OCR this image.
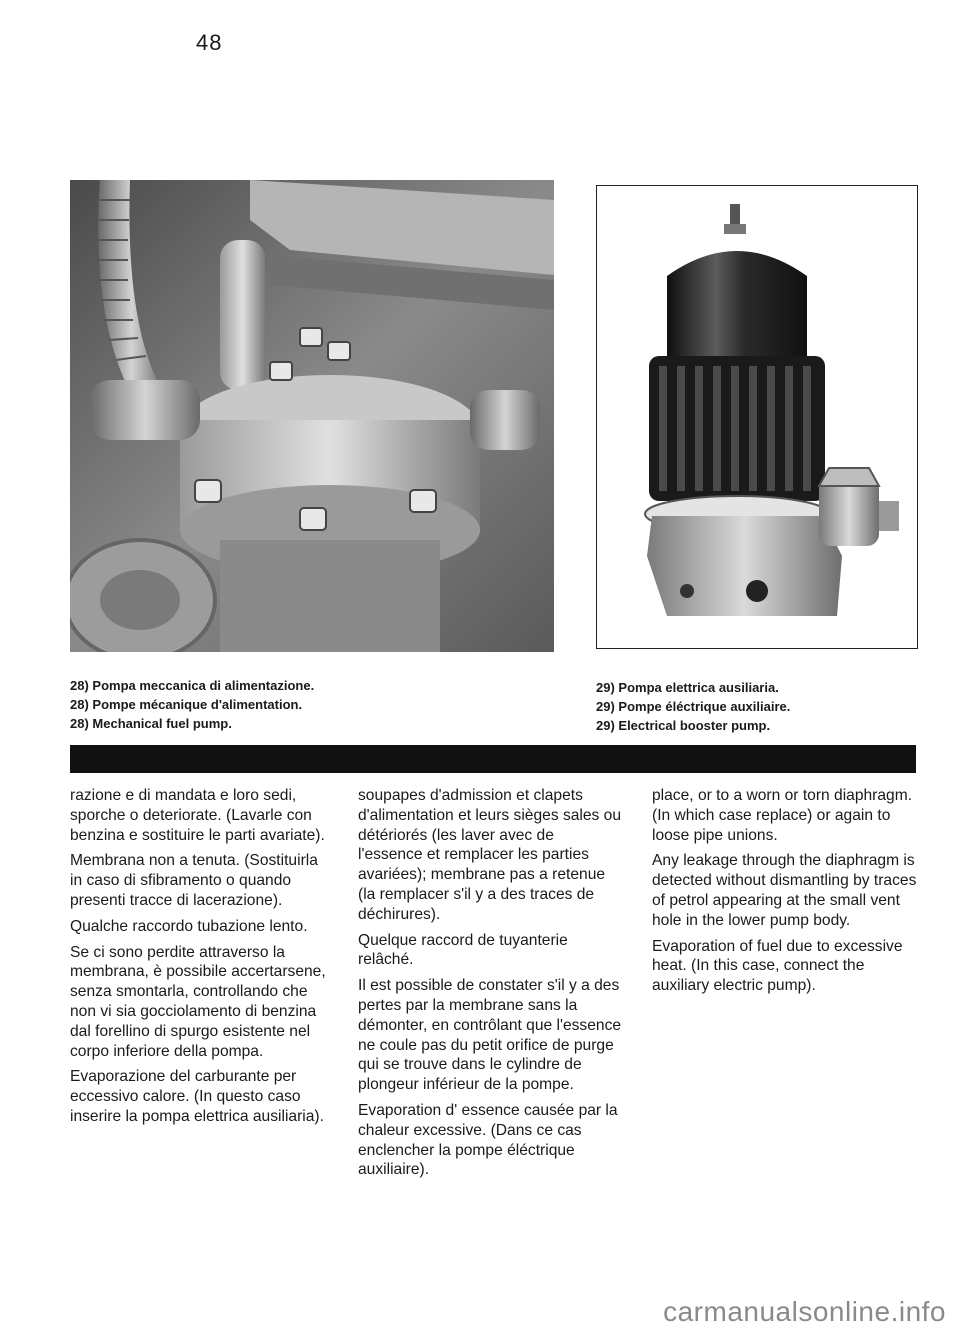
48
28) Pompa meccanica di alimentazione.
28) Pompe mécanique d'alimentation.
28) Mechanical fuel pump.
29) Pompa elettrica ausiliaria.
29) Pompe éléctrique auxiliaire.
29) Electrical booster pump.

razione e di mandata e loro sedi, sporche o deteriorate. (Lavarle con benzina e sostituire le parti avariate).

Membrana non a tenuta. (Sostituirla in caso di sfibramento o quando presenti tracce di lacerazione).

Qualche raccordo tubazione lento.

Se ci sono perdite attraverso la membrana, è possibile accertarsene, senza smontarla, controllando che non vi sia gocciolamento di benzina dal forellino di spurgo esistente nel corpo inferiore della pompa.

Evaporazione del carburante per eccessivo calore. (In questo caso inserire la pompa elettrica ausiliaria).

soupapes d'admission et clapets d'alimentation et leurs sièges sales ou détériorés (les laver avec de l'essence et remplacer les parties avariées); membrane pas a retenue (la remplacer s'il y a des traces de déchirures).

Quelque raccord de tuyanterie relâché.

Il est possible de constater s'il y a des pertes par la membrane sans la démonter, en contrôlant que l'essence ne coule pas du petit orifice de purge qui se trouve dans le cylindre de plongeur inférieur de la pompe.

Evaporation d' essence causée par la chaleur excessive. (Dans ce cas enclencher la pompe éléctrique auxiliaire).

place, or to a worn or torn diaphragm. (In which case replace) or again to loose pipe unions.

Any leakage through the diaphragm is detected without dismantling by traces of petrol appearing at the small vent hole in the lower pump body.

Evaporation of fuel due to excessive heat. (In this case, connect the auxiliary electric pump).

carmanualsonline.info
